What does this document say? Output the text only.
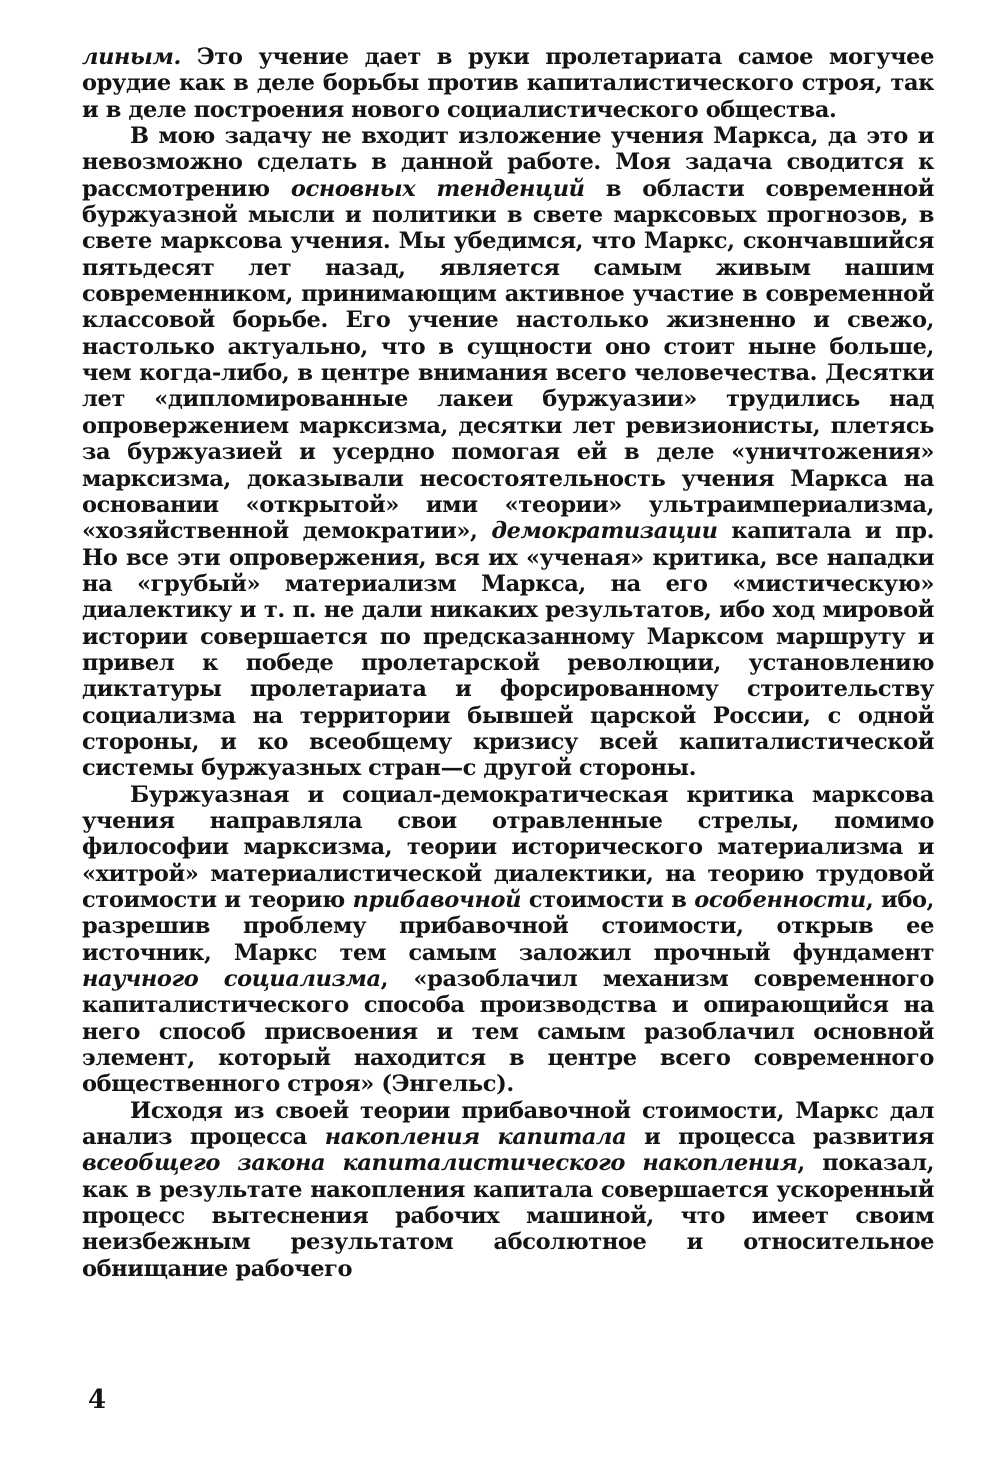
линым. Это учение дает в руки пролетариата самое могучее орудие как в деле борьбы против капиталистического строя, так и в деле построения нового социалистического общества.

В мою задачу не входит изложение учения Маркса, да это и невозможно сделать в данной работе. Моя задача сводится к рассмотрению основных тенденций в области современной буржуазной мысли и политики в свете марксовых прогнозов, в свете марксова учения. Мы убедимся, что Маркс, скончавшийся пятьдесят лет назад, является самым живым нашим современником, принимающим активное участие в современной классовой борьбе. Его учение настолько жизненно и свежо, настолько актуально, что в сущности оно стоит ныне больше, чем когда-либо, в центре внимания всего человечества. Десятки лет «дипломированные лакеи буржуазии» трудились над опровержением марксизма, десятки лет ревизионисты, плетясь за буржуазией и усердно помогая ей в деле «уничтожения» марксизма, доказывали несостоятельность учения Маркса на основании «открытой» ими «теории» ультраимпериализма, «хозяйственной демократии», демократизации капитала и пр. Но все эти опровержения, вся их «ученая» критика, все нападки на «грубый» материализм Маркса, на его «мистическую» диалектику и т. п. не дали никаких результатов, ибо ход мировой истории совершается по предсказанному Марксом маршруту и привел к победе пролетарской революции, установлению диктатуры пролетариата и форсированному строительству социализма на территории бывшей царской России, с одной стороны, и ко всеобщему кризису всей капиталистической системы буржуазных стран—с другой стороны.

Буржуазная и социал-демократическая критика марксова учения направляла свои отравленные стрелы, помимо философии марксизма, теории исторического материализма и «хитрой» материалистической диалектики, на теорию трудовой стоимости и теорию прибавочной стоимости в особенности, ибо, разрешив проблему прибавочной стоимости, открыв ее источник, Маркс тем самым заложил прочный фундамент научного социализма, «разоблачил механизм современного капиталистического способа производства и опирающийся на него способ присвоения и тем самым разоблачил основной элемент, который находится в центре всего современного общественного строя» (Энгельс).

Исходя из своей теории прибавочной стоимости, Маркс дал анализ процесса накопления капитала и процесса развития всеобщего закона капиталистического накопления, показал, как в результате накопления капитала совершается ускоренный процесс вытеснения рабочих машиной, что имеет своим неизбежным результатом абсолютное и относительное обнищание рабочего

4
